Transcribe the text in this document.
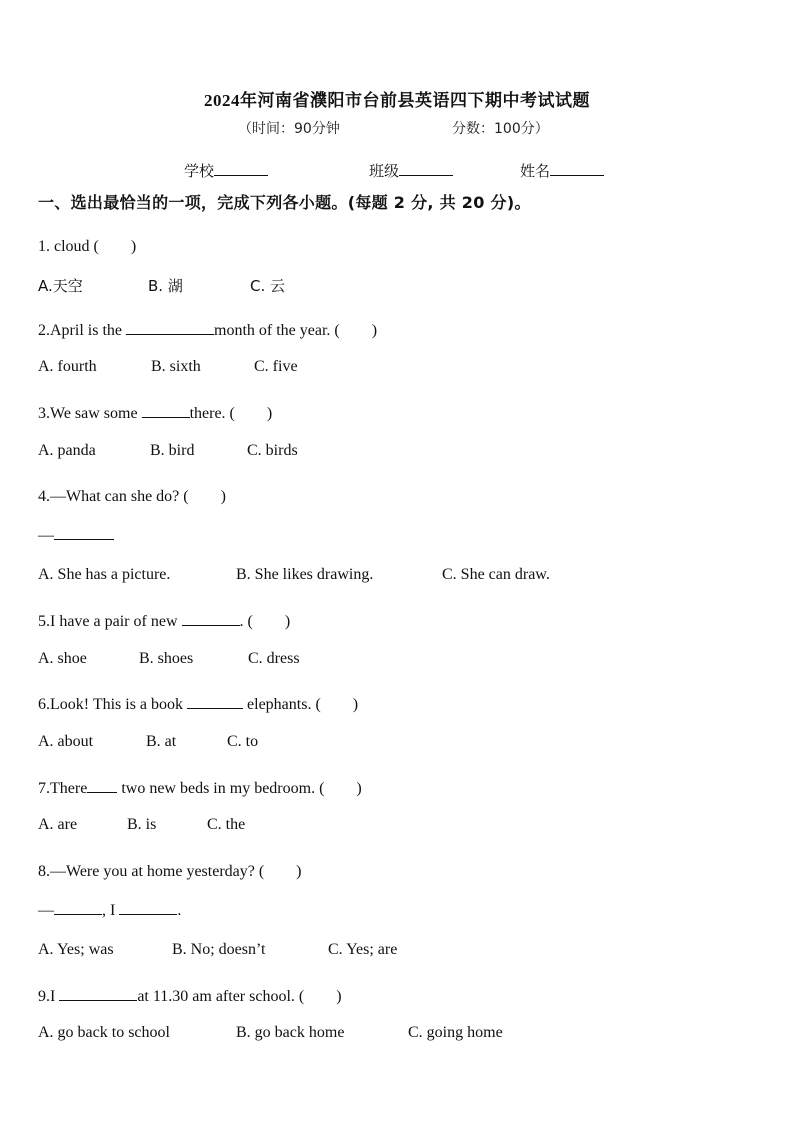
2024年河南省濮阳市台前县英语四下期中考试试题
（时间：90分钟	分数：100分）
学校	班级	姓名
一、选出最恰当的一项，完成下列各小题。(每题 2 分, 共 20 分)。
1. cloud (　　)
A.天空	B. 湖	C. 云
2.April is the	month of the year. (　　)
A. fourth	B. sixth	C. five
3.We saw some	there. (　　)
A. panda	B. bird	C. birds
4.—What can she do? (　　)
—
A. She has a picture.	B. She likes drawing.	C. She can draw.
5.I have a pair of new	. (　　)
A. shoe	B. shoes	C. dress
6.Look! This is a book	elephants. (　　)
A. about	B. at	C. to
7.There two new beds in my bedroom. (　　)
A. are	B. is	C. the
8.—Were you at home yesterday? (　　)
—	, I	.
A. Yes; was	B. No; doesn’t	C. Yes; are
9.I	at 11.30 am after school. (　　)
A. go back to school	B. go back home	C. going home
